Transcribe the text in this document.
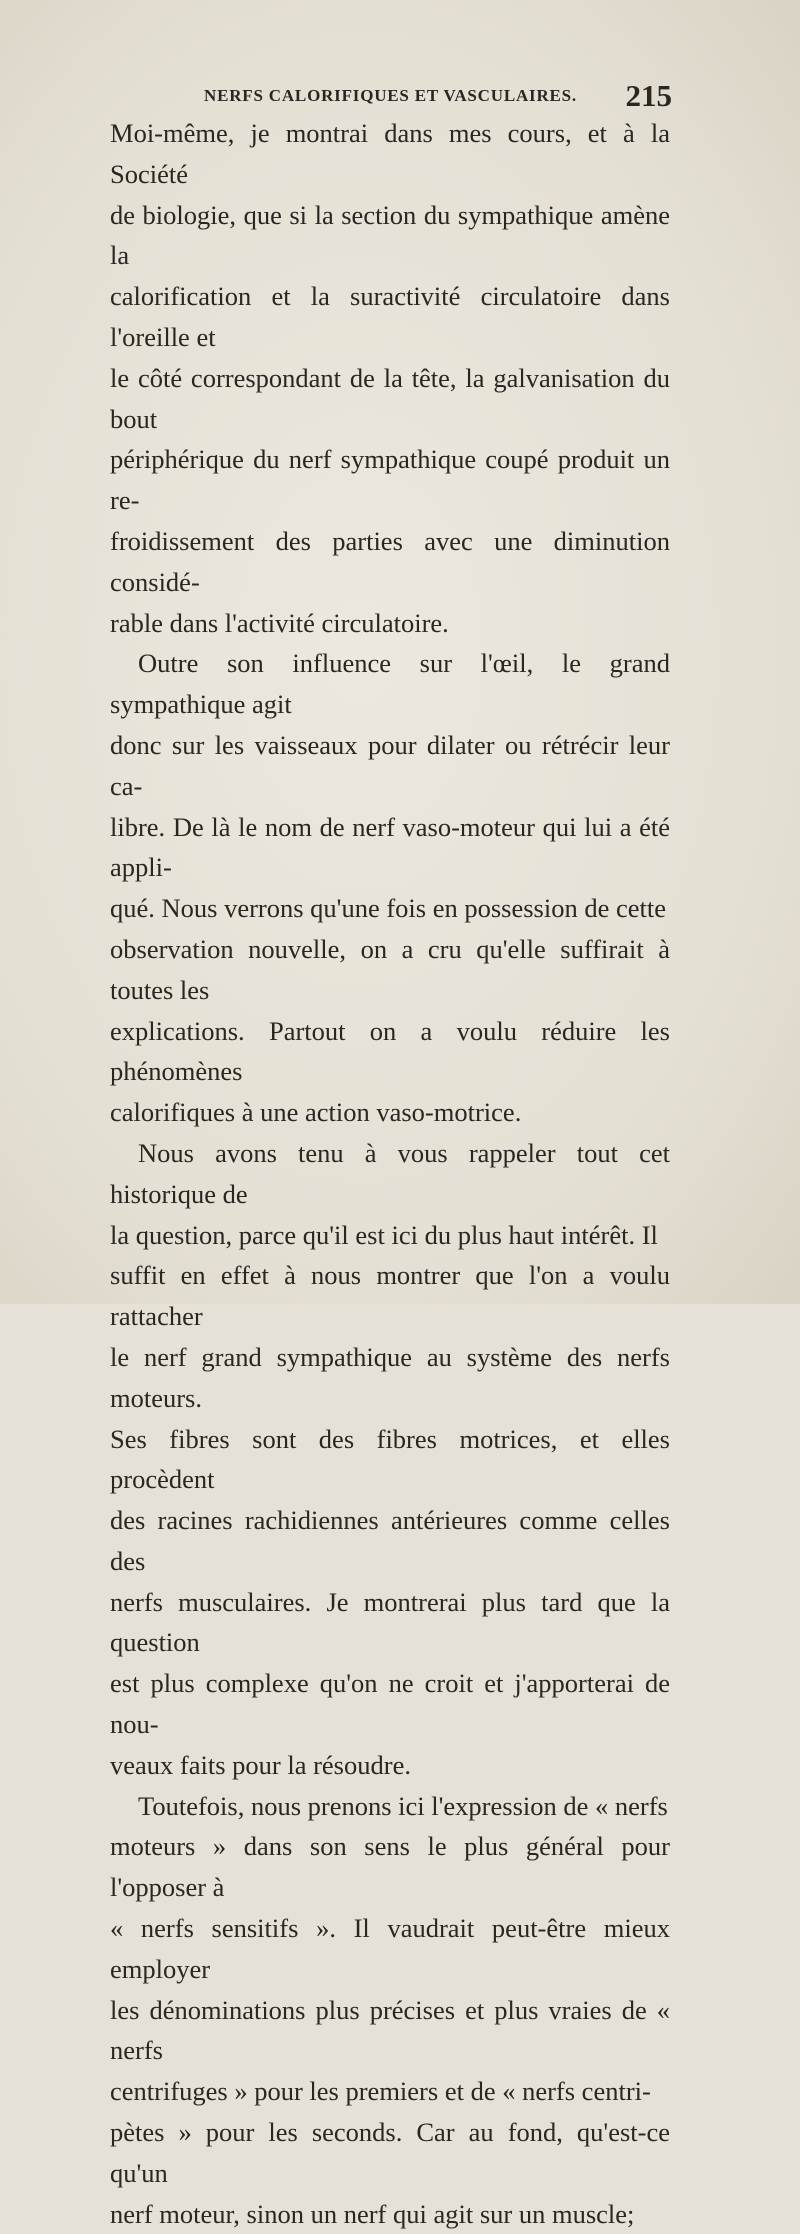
NERFS CALORIFIQUES ET VASCULAIRES. 215

Moi-même, je montrai dans mes cours, et à la Société
de biologie, que si la section du sympathique amène la
calorification et la suractivité circulatoire dans l'oreille et
le côté correspondant de la tête, la galvanisation du bout
périphérique du nerf sympathique coupé produit un re-
froidissement des parties avec une diminution considé-
rable dans l'activité circulatoire.

Outre son influence sur l'œil, le grand sympathique agit
donc sur les vaisseaux pour dilater ou rétrécir leur ca-
libre. De là le nom de nerf vaso-moteur qui lui a été appli-
qué. Nous verrons qu'une fois en possession de cette
observation nouvelle, on a cru qu'elle suffirait à toutes les
explications. Partout on a voulu réduire les phénomènes
calorifiques à une action vaso-motrice.

Nous avons tenu à vous rappeler tout cet historique de
la question, parce qu'il est ici du plus haut intérêt. Il
suffit en effet à nous montrer que l'on a voulu rattacher
le nerf grand sympathique au système des nerfs moteurs.
Ses fibres sont des fibres motrices, et elles procèdent
des racines rachidiennes antérieures comme celles des
nerfs musculaires. Je montrerai plus tard que la question
est plus complexe qu'on ne croit et j'apporterai de nou-
veaux faits pour la résoudre.

Toutefois, nous prenons ici l'expression de « nerfs
moteurs » dans son sens le plus général pour l'opposer à
« nerfs sensitifs ». Il vaudrait peut-être mieux employer
les dénominations plus précises et plus vraies de « nerfs
centrifuges » pour les premiers et de « nerfs centri-
pètes » pour les seconds. Car au fond, qu'est-ce qu'un
nerf moteur, sinon un nerf qui agit sur un muscle;
